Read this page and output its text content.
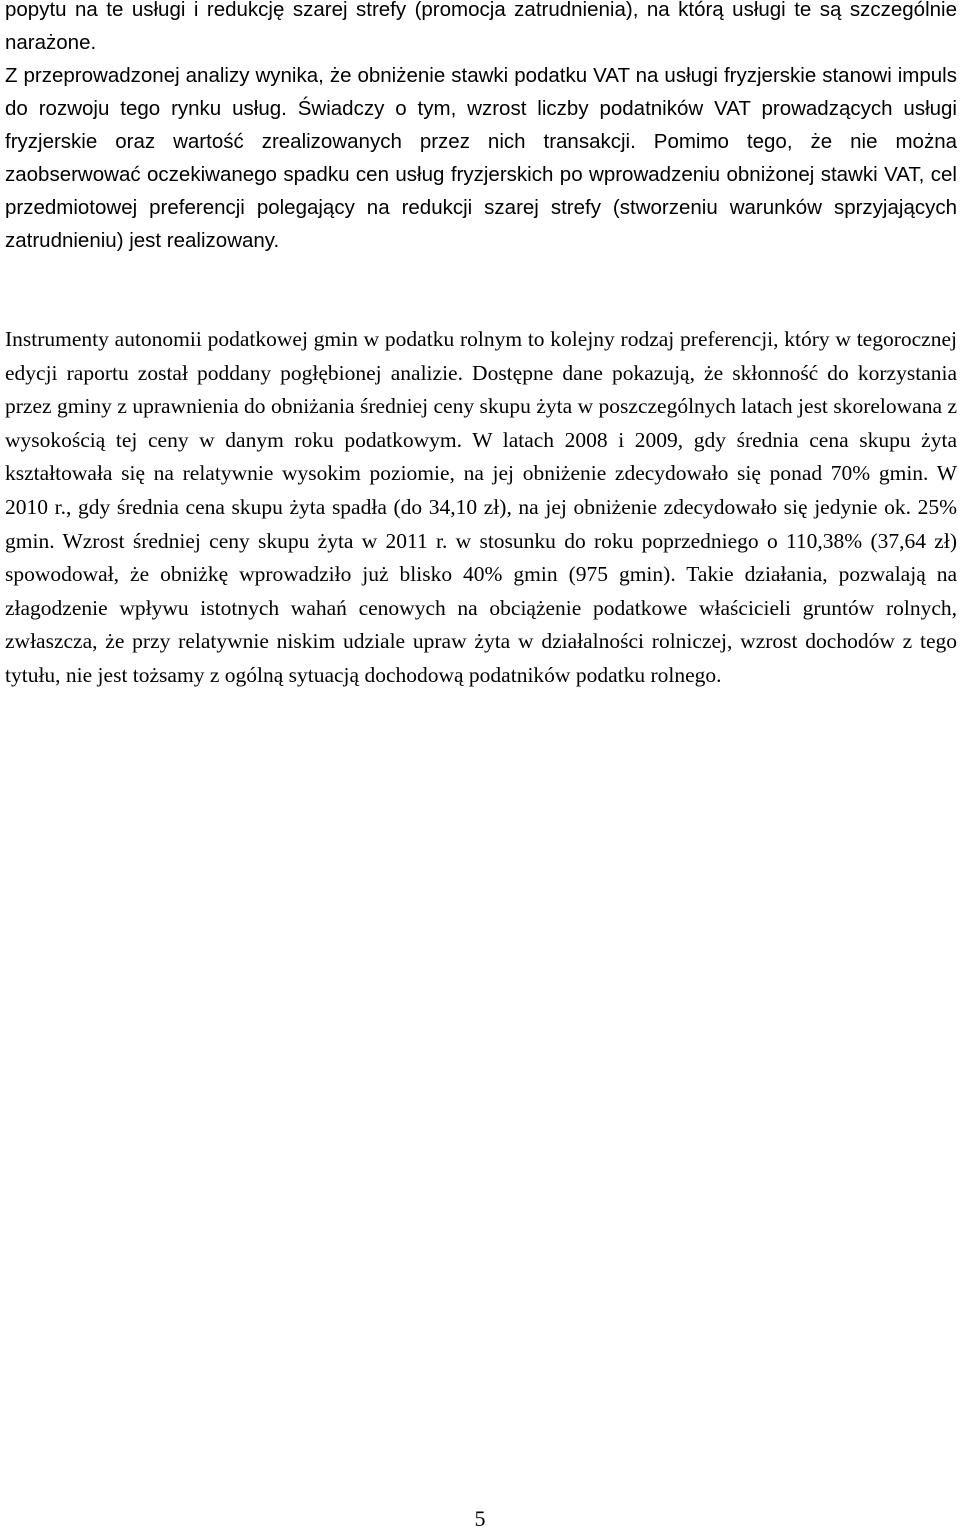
popytu na te usługi i redukcję szarej strefy (promocja zatrudnienia), na którą usługi te są szczególnie narażone.
Z przeprowadzonej analizy wynika, że obniżenie stawki podatku VAT na usługi fryzjerskie stanowi impuls do rozwoju tego rynku usług. Świadczy o tym, wzrost liczby podatników VAT prowadzących usługi fryzjerskie oraz wartość zrealizowanych przez nich transakcji. Pomimo tego, że nie można zaobserwować oczekiwanego spadku cen usług fryzjerskich po wprowadzeniu obniżonej stawki VAT, cel przedmiotowej preferencji polegający na redukcji szarej strefy (stworzeniu warunków sprzyjających zatrudnieniu) jest realizowany.

Instrumenty autonomii podatkowej gmin w podatku rolnym to kolejny rodzaj preferencji, który w tegorocznej edycji raportu został poddany pogłębionej analizie. Dostępne dane pokazują, że skłonność do korzystania przez gminy z uprawnienia do obniżania średniej ceny skupu żyta w poszczególnych latach jest skorelowana z wysokością tej ceny w danym roku podatkowym. W latach 2008 i 2009, gdy średnia cena skupu żyta kształtowała się na relatywnie wysokim poziomie, na jej obniżenie zdecydowało się ponad 70% gmin. W 2010 r., gdy średnia cena skupu żyta spadła (do 34,10 zł), na jej obniżenie zdecydowało się jedynie ok. 25% gmin. Wzrost średniej ceny skupu żyta w 2011 r. w stosunku do roku poprzedniego o 110,38% (37,64 zł) spowodował, że obniżkę wprowadziło już blisko 40% gmin (975 gmin). Takie działania, pozwalają na złagodzenie wpływu istotnych wahań cenowych na obciążenie podatkowe właścicieli gruntów rolnych, zwłaszcza, że przy relatywnie niskim udziale upraw żyta w działalności rolniczej, wzrost dochodów z tego tytułu, nie jest tożsamy z ogólną sytuacją dochodową podatników podatku rolnego.

5
